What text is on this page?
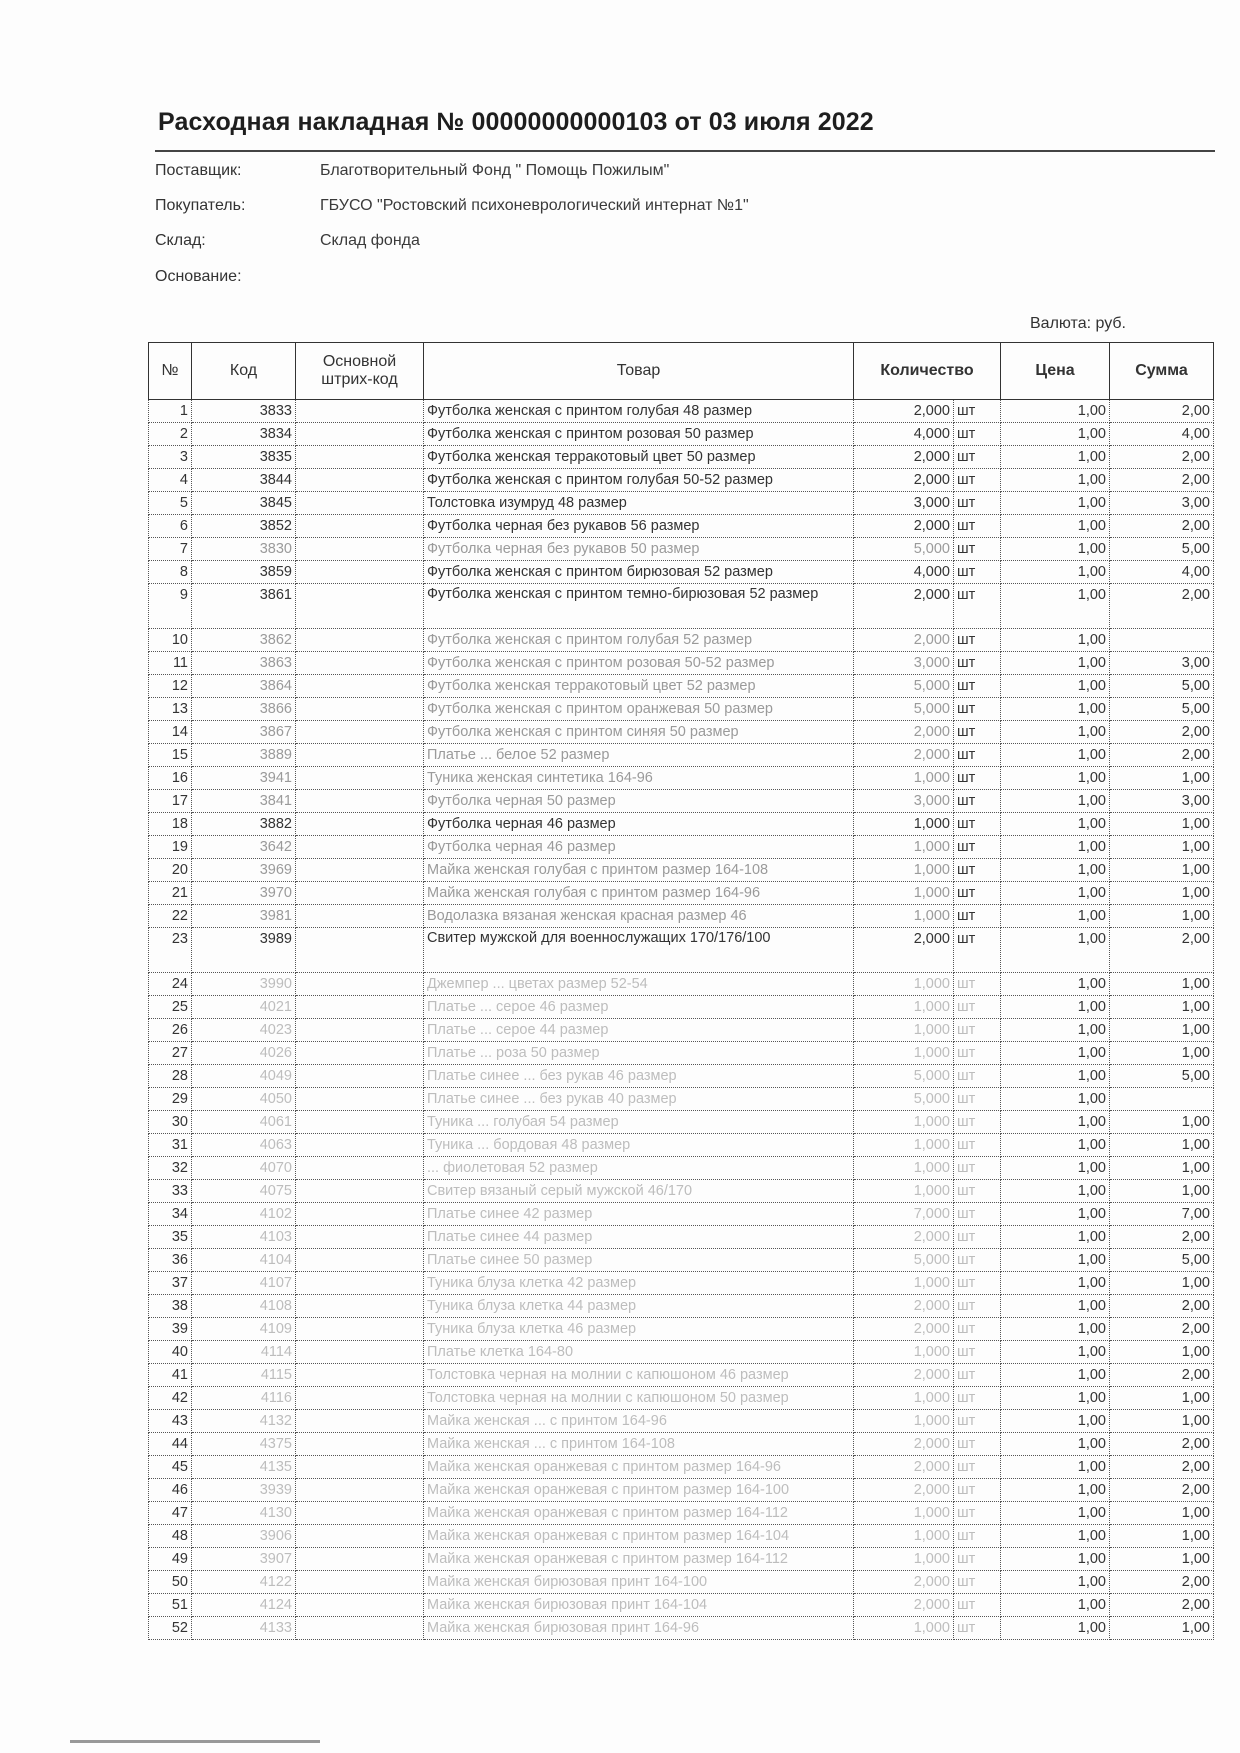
Расходная накладная № 00000000000103 от 03 июля 2022
Поставщик:	Благотворительный Фонд " Помощь Пожилым"
Покупатель:	ГБУСО "Ростовский психоневрологический интернат №1"
Склад:	Склад фонда
Основание:
Валюта: руб.
№	Код	Основной штрих-код	Товар	Количество		Цена	Сумма
1	3833		Футболка женская с принтом голубая 48 размер	2,000	шт	1,00	2,00
2	3834		Футболка женская с принтом розовая 50 размер	4,000	шт	1,00	4,00
3	3835		Футболка женская терракотовый цвет 50 размер	2,000	шт	1,00	2,00
4	3844		Футболка женская с принтом голубая 50-52 размер	2,000	шт	1,00	2,00
5	3845		Толстовка изумруд 48 размер	3,000	шт	1,00	3,00
6	3852		Футболка черная без рукавов 56 размер	2,000	шт	1,00	2,00
7	3830		Футболка черная без рукавов 50 размер	5,000	шт	1,00	5,00
8	3859		Футболка женская с принтом бирюзовая 52 размер	4,000	шт	1,00	4,00
9	3861		Футболка женская с принтом темно-бирюзовая 52 размер	2,000	шт	1,00	2,00
10	3862		Футболка женская с принтом голубая 52 размер	2,000	шт	1,00	
11	3863		Футболка женская с принтом розовая 50-52 размер	3,000	шт	1,00	3,00
12	3864		Футболка женская терракотовый цвет 52 размер	5,000	шт	1,00	5,00
13	3866		Футболка женская с принтом оранжевая 50 размер	5,000	шт	1,00	5,00
14	3867		Футболка женская с принтом синяя 50 размер	2,000	шт	1,00	2,00
15	3889		Платье ... белое 52 размер	2,000	шт	1,00	2,00
16	3941		Туника женская синтетика 164-96	1,000	шт	1,00	1,00
17	3841		Футболка черная 50 размер	3,000	шт	1,00	3,00
18	3882		Футболка черная 46 размер	1,000	шт	1,00	1,00
19	3642		Футболка черная 46 размер	1,000	шт	1,00	1,00
20	3969		Майка женская голубая с принтом размер 164-108	1,000	шт	1,00	1,00
21	3970		Майка женская голубая с принтом размер 164-96	1,000	шт	1,00	1,00
22	3981		Водолазка вязаная женская красная размер 46	1,000	шт	1,00	1,00
23	3989		Свитер мужской для военнослужащих 170/176/100	2,000	шт	1,00	2,00
24	3990		Джемпер ... цветах размер 52-54	1,000	шт	1,00	1,00
25	4021		Платье ... серое 46 размер	1,000	шт	1,00	1,00
26	4023		Платье ... серое 44 размер	1,000	шт	1,00	1,00
27	4026		Платье ... роза 50 размер	1,000	шт	1,00	1,00
28	4049		Платье синее ... без рукав 46 размер	5,000	шт	1,00	5,00
29	4050		Платье синее ... без рукав 40 размер	5,000	шт	1,00	
30	4061		Туника ... голубая 54 размер	1,000	шт	1,00	1,00
31	4063		Туника ... бордовая 48 размер	1,000	шт	1,00	1,00
32	4070		... фиолетовая 52 размер	1,000	шт	1,00	1,00
33	4075		Свитер вязаный серый мужской 46/170	1,000	шт	1,00	1,00
34	4102		Платье синее 42 размер	7,000	шт	1,00	7,00
35	4103		Платье синее 44 размер	2,000	шт	1,00	2,00
36	4104		Платье синее 50 размер	5,000	шт	1,00	5,00
37	4107		Туника блуза клетка 42 размер	1,000	шт	1,00	1,00
38	4108		Туника блуза клетка 44 размер	2,000	шт	1,00	2,00
39	4109		Туника блуза клетка 46 размер	2,000	шт	1,00	2,00
40	4114		Платье клетка 164-80	1,000	шт	1,00	1,00
41	4115		Толстовка черная на молнии с капюшоном 46 размер	2,000	шт	1,00	2,00
42	4116		Толстовка черная на молнии с капюшоном 50 размер	1,000	шт	1,00	1,00
43	4132		Майка женская ... с принтом 164-96	1,000	шт	1,00	1,00
44	4375		Майка женская ... с принтом 164-108	2,000	шт	1,00	2,00
45	4135		Майка женская оранжевая с принтом размер 164-96	2,000	шт	1,00	2,00
46	3939		Майка женская оранжевая с принтом размер 164-100	2,000	шт	1,00	2,00
47	4130		Майка женская оранжевая с принтом размер 164-112	1,000	шт	1,00	1,00
48	3906		Майка женская оранжевая с принтом размер 164-104	1,000	шт	1,00	1,00
49	3907		Майка женская оранжевая с принтом размер 164-112	1,000	шт	1,00	1,00
50	4122		Майка женская бирюзовая принт 164-100	2,000	шт	1,00	2,00
51	4124		Майка женская бирюзовая принт 164-104	2,000	шт	1,00	2,00
52	4133		Майка женская бирюзовая принт 164-96	1,000	шт	1,00	1,00
